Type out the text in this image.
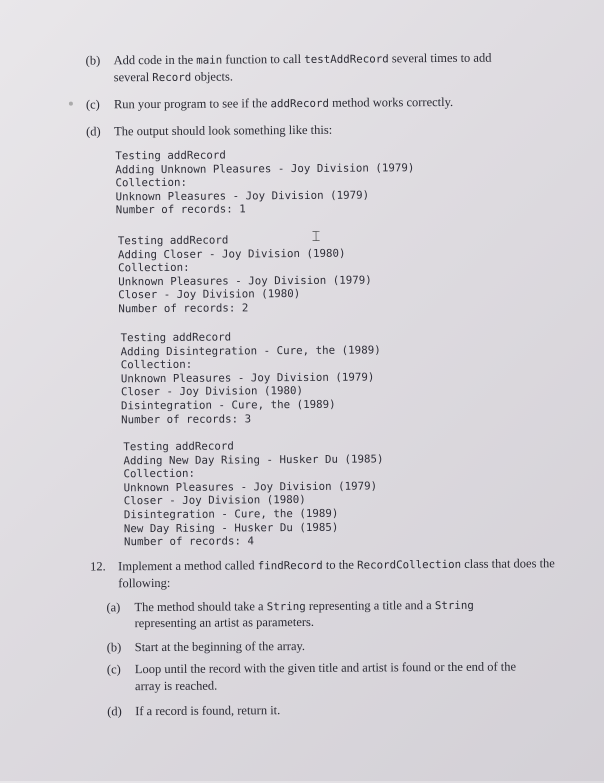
(b) Add code in the main function to call testAddRecord several times to add
several Record objects.
(c) Run your program to see if the addRecord method works correctly.
(d) The output should look something like this:
Testing addRecord
Adding Unknown Pleasures - Joy Division (1979)
Collection:
Unknown Pleasures - Joy Division (1979)
Number of records: 1
⌶
Testing addRecord
Adding Closer - Joy Division (1980)
Collection:
Unknown Pleasures - Joy Division (1979)
Closer - Joy Division (1980)
Number of records: 2
Testing addRecord
Adding Disintegration - Cure, the (1989)
Collection:
Unknown Pleasures - Joy Division (1979)
Closer - Joy Division (1980)
Disintegration - Cure, the (1989)
Number of records: 3
Testing addRecord
Adding New Day Rising - Husker Du (1985)
Collection:
Unknown Pleasures - Joy Division (1979)
Closer - Joy Division (1980)
Disintegration - Cure, the (1989)
New Day Rising - Husker Du (1985)
Number of records: 4
12. Implement a method called findRecord to the RecordCollection class that does the
following:
(a) The method should take a String representing a title and a String
representing an artist as parameters.
(b) Start at the beginning of the array.
(c) Loop until the record with the given title and artist is found or the end of the
array is reached.
(d) If a record is found, return it.
